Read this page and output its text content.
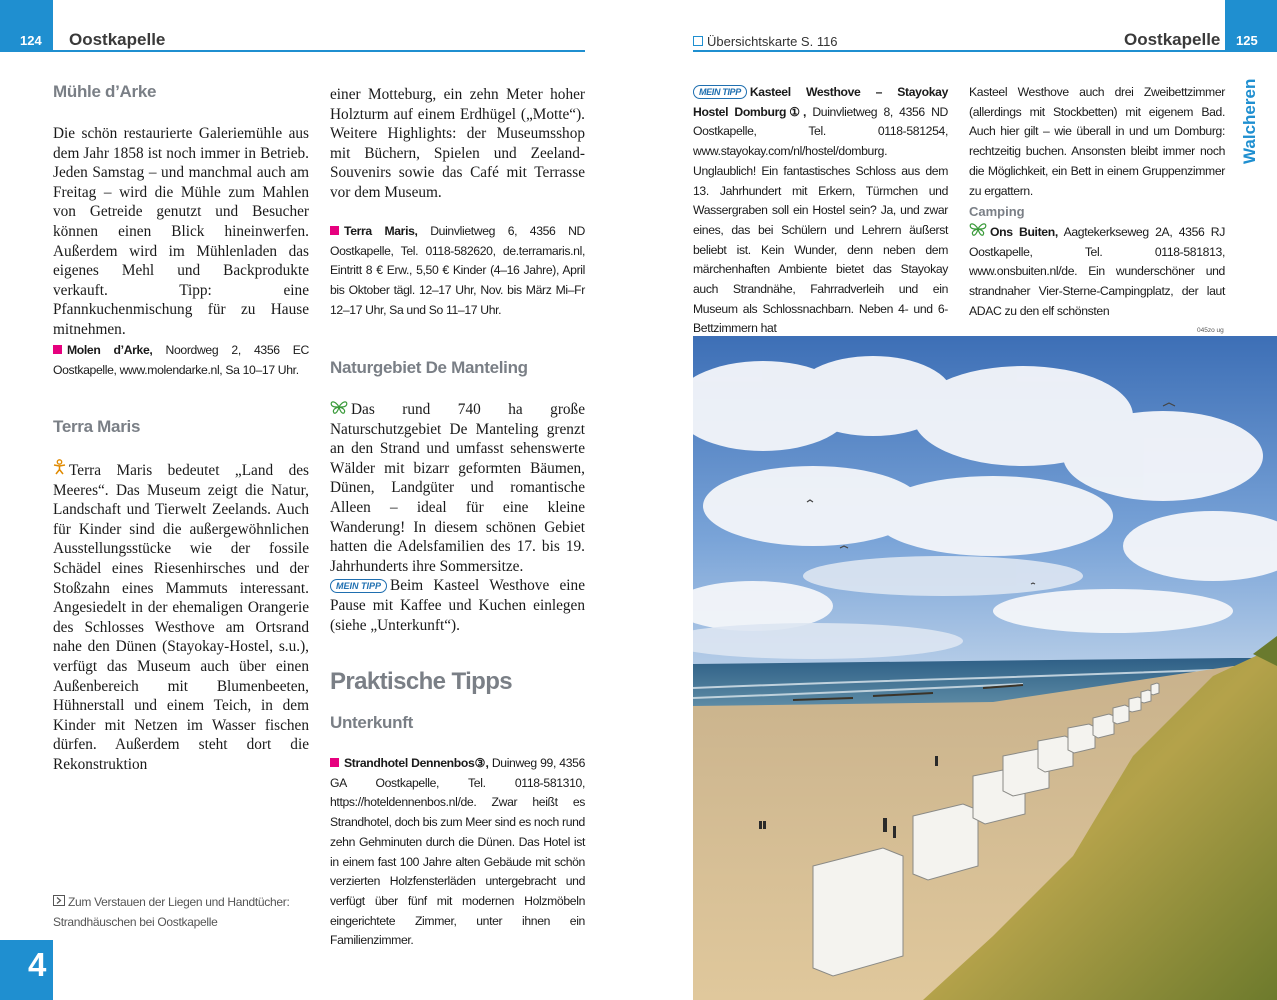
124 Oostkapelle
4
Mühle d’Arke
Die schön restaurierte Galeriemühle aus dem Jahr 1858 ist noch immer in Betrieb. Jeden Samstag – und manchmal auch am Freitag – wird die Mühle zum Mahlen von Getreide genutzt und Besucher können einen Blick hineinwerfen. Außerdem wird im Mühlenladen das eigenes Mehl und Backprodukte verkauft. Tipp: eine Pfannkuchenmischung für zu Hause mitnehmen.
Molen d’Arke, Noordweg 2, 4356 EC Oostkapelle, www.molendarke.nl, Sa 10–17 Uhr.
Terra Maris
Terra Maris bedeutet „Land des Meeres“. Das Museum zeigt die Natur, Landschaft und Tierwelt Zeelands. Auch für Kinder sind die außergewöhnlichen Ausstellungsstücke wie der fossile Schädel eines Riesenhirsches und der Stoßzahn eines Mammuts interessant. Angesiedelt in der ehemaligen Orangerie des Schlosses Westhove am Ortsrand nahe den Dünen (Stayokay-Hostel, s.u.), verfügt das Museum auch über einen Außenbereich mit Blumenbeeten, Hühnerstall und einem Teich, in dem Kinder mit Netzen im Wasser fischen dürfen. Außerdem steht dort die Rekonstruktion
Zum Verstauen der Liegen und Handtücher: Strandhäuschen bei Oostkapelle
einer Motteburg, ein zehn Meter hoher Holzturm auf einem Erdhügel („Motte“). Weitere Highlights: der Museumsshop mit Büchern, Spielen und Zeeland-Souvenirs sowie das Café mit Terrasse vor dem Museum.
Terra Maris, Duinvlietweg 6, 4356 ND Oostkapelle, Tel. 0118-582620, de.terramaris.nl, Eintritt 8 € Erw., 5,50 € Kinder (4–16 Jahre), April bis Oktober tägl. 12–17 Uhr, Nov. bis März Mi–Fr 12–17 Uhr, Sa und So 11–17 Uhr.
Naturgebiet De Manteling
Das rund 740 ha große Naturschutzgebiet De Manteling grenzt an den Strand und umfasst sehenswerte Wälder mit bizarr geformten Bäumen, Dünen, Landgüter und romantische Alleen – ideal für eine kleine Wanderung! In diesem schönen Gebiet hatten die Adelsfamilien des 17. bis 19. Jahrhunderts ihre Sommersitze.
MEIN TIPP Beim Kasteel Westhove eine Pause mit Kaffee und Kuchen einlegen (siehe „Unterkunft“).
Praktische Tipps
Unterkunft
Strandhotel Dennenbos③, Duinweg 99, 4356 GA Oostkapelle, Tel. 0118-581310, https://hoteldennenbos.nl/de. Zwar heißt es Strandhotel, doch bis zum Meer sind es noch rund zehn Gehminuten durch die Dünen. Das Hotel ist in einem fast 100 Jahre alten Gebäude mit schön verzierten Holzfensterläden untergebracht und verfügt über fünf mit modernen Holzmöbeln eingerichtete Zimmer, unter ihnen ein Familienzimmer.
Übersichtskarte S. 116	Oostkapelle 125
Walcheren
MEIN TIPP Kasteel Westhove – Stayokay Hostel Domburg①, Duinvlietweg 8, 4356 ND Oostkapelle, Tel. 0118-581254, www.stayokay.com/nl/hostel/domburg. Unglaublich! Ein fantastisches Schloss aus dem 13. Jahrhundert mit Erkern, Türmchen und Wassergraben soll ein Hostel sein? Ja, und zwar eines, das bei Schülern und Lehrern äußerst beliebt ist. Kein Wunder, denn neben dem märchenhaften Ambiente bietet das Stayokay auch Strandnähe, Fahrradverleih und ein Museum als Schlossnachbarn. Neben 4- und 6-Bettzimmern hat
Kasteel Westhove auch drei Zweibettzimmer (allerdings mit Stockbetten) mit eigenem Bad. Auch hier gilt – wie überall in und um Domburg: rechtzeitig buchen. Ansonsten bleibt immer noch die Möglichkeit, ein Bett in einem Gruppenzimmer zu ergattern.
Camping
Ons Buiten, Aagtekerkseweg 2A, 4356 RJ Oostkapelle, Tel. 0118-581813, www.onsbuiten.nl/de. Ein wunderschöner und strandnaher Vier-Sterne-Campingplatz, der laut ADAC zu den elf schönsten
045zo ug
